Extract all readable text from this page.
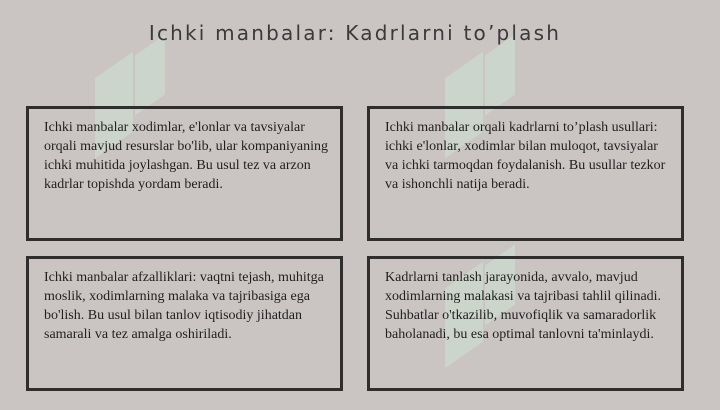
Ichki manbalar: Kadrlarni to’plash
Ichki manbalar xodimlar, e'lonlar va tavsiyalar orqali mavjud resurslar bo'lib, ular kompaniyaning ichki muhitida joylashgan. Bu usul tez va arzon kadrlar topishda yordam beradi.
Ichki manbalar orqali kadrlarni to’plash usullari: ichki e'lonlar, xodimlar bilan muloqot, tavsiyalar va ichki tarmoqdan foydalanish. Bu usullar tezkor va ishonchli natija beradi.
Ichki manbalar afzalliklari: vaqtni tejash, muhitga moslik, xodimlarning malaka va tajribasiga ega bo'lish. Bu usul bilan tanlov iqtisodiy jihatdan samarali va tez amalga oshiriladi.
Kadrlarni tanlash jarayonida, avvalo, mavjud xodimlarning malakasi va tajribasi tahlil qilinadi. Suhbatlar o'tkazilib, muvofiqlik va samaradorlik baholanadi, bu esa optimal tanlovni ta'minlaydi.
